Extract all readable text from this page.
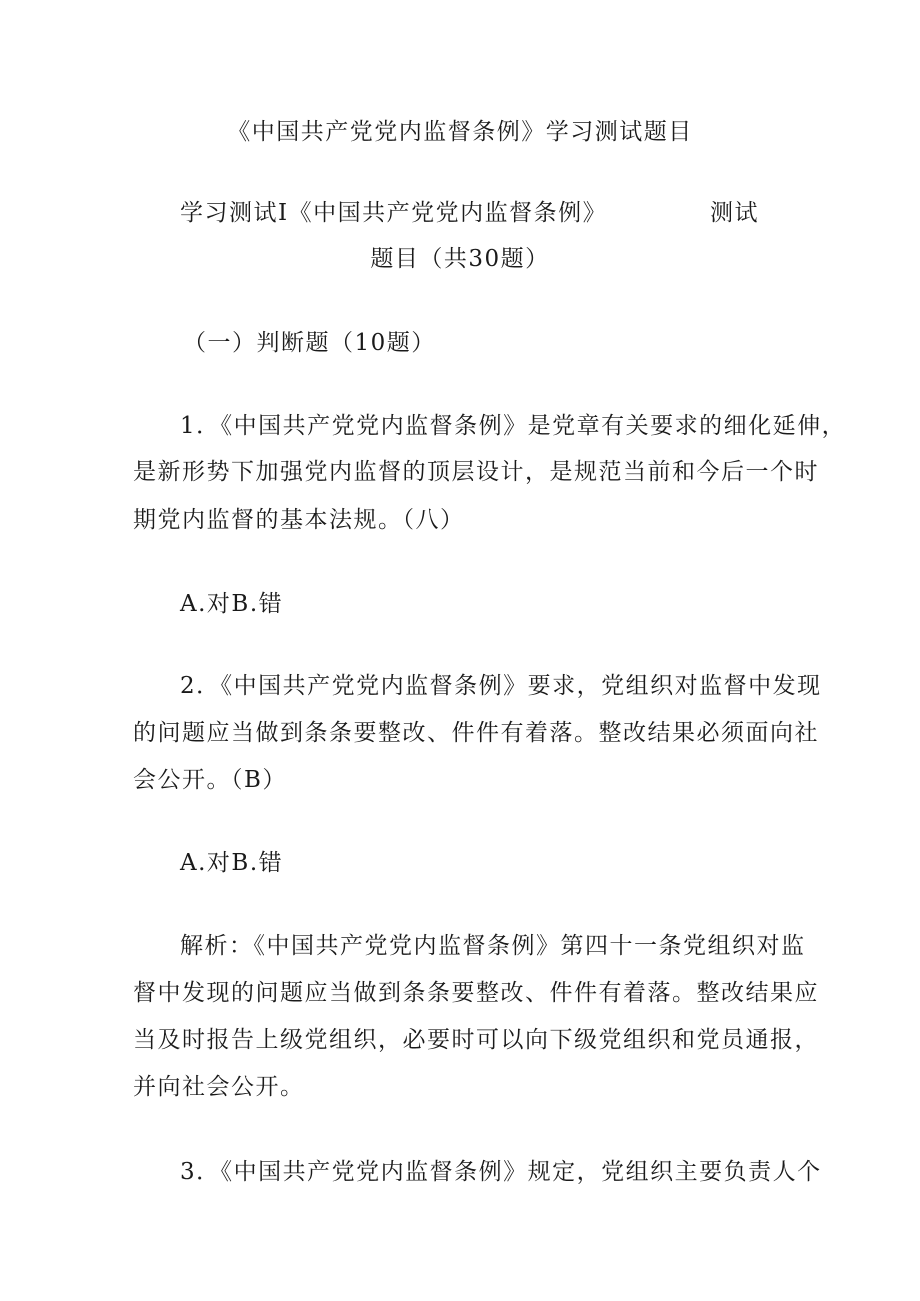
《中国共产党党内监督条例》学习测试题目
学习测试I《中国共产党党内监督条例》	测试
题目（共30题）
（一）判断题（10题）
1．《中国共产党党内监督条例》是党章有关要求的细化延伸，
是新形势下加强党内监督的顶层设计，是规范当前和今后一个时
期党内监督的基本法规。（八）
A.对B.错
2．《中国共产党党内监督条例》要求，党组织对监督中发现
的问题应当做到条条要整改、件件有着落。整改结果必须面向社
会公开。（B）
A.对B.错
解析：《中国共产党党内监督条例》第四十一条党组织对监
督中发现的问题应当做到条条要整改、件件有着落。整改结果应
当及时报告上级党组织，必要时可以向下级党组织和党员通报，
并向社会公开。
3．《中国共产党党内监督条例》规定，党组织主要负责人个
